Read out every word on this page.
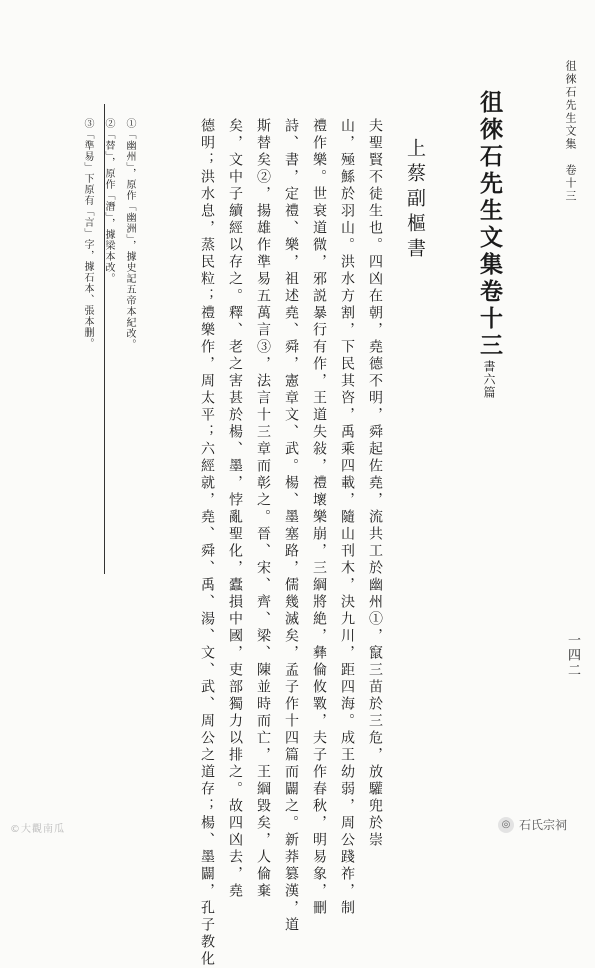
徂徠石先生文集　卷十三
一四二
徂徠石先生文集卷十三書六篇
上蔡副樞書
夫聖賢不徒生也。四凶在朝，堯德不明，舜起佐堯，流共工於幽州①，竄三苗於三危，放驩兜於崇
山，殛鯀於羽山。洪水方割，下民其咨，禹乘四載，隨山刊木，決九川，距四海。成王幼弱，周公踐祚，制
禮作樂。世衰道微，邪説暴行有作，王道失敍，禮壞樂崩，三綱將絶，彝倫攸斁，夫子作春秋，明易象，刪
詩、書，定禮、樂，祖述堯、舜，憲章文、武。楊、墨塞路，儒幾滅矣，孟子作十四篇而闢之。新莽篡漢，道
斯替矣②，揚雄作準易五萬言③，法言十三章而彰之。晉、宋、齊、梁、陳並時而亡，王綱毀矣，人倫棄
矣，文中子續經以存之。釋、老之害甚於楊、墨，悖亂聖化，蠹損中國，吏部獨力以排之。故四凶去，堯
德明；洪水息，蒸民粒；禮樂作，周太平；六經就，堯、舜、禹、湯、文、武、周公之道存；楊、墨闢，孔子教化
①「幽州」，原作「幽洲」，據史記五帝本紀改。
②「替」，原作「潛」，據梁本改。
③「準易」下原有「言」字，據石本、張本删。
©大觀南瓜	◎ 石氏宗祠
